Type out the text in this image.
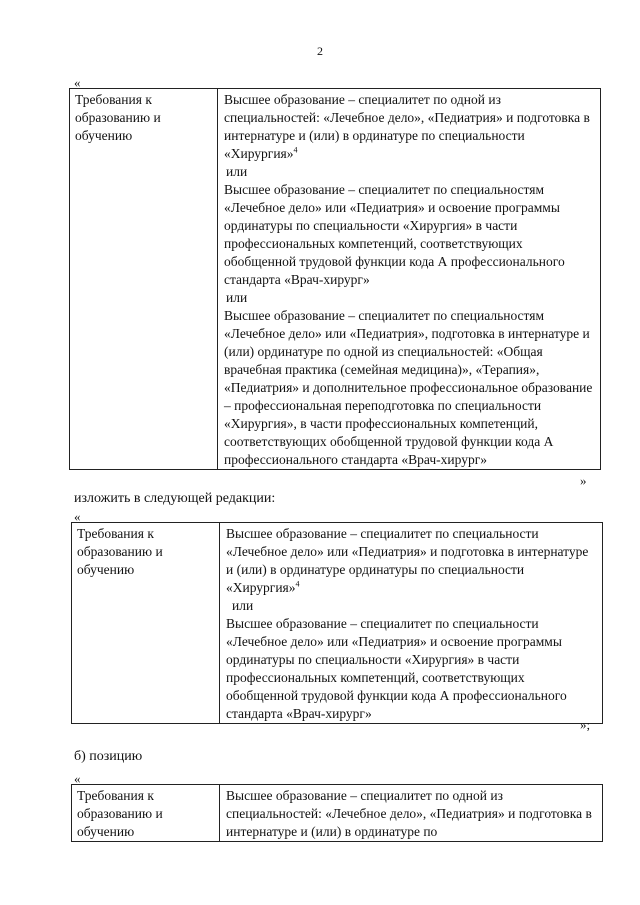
2
«
Требования к образованию и обучению
	Высшее образование – специалитет по одной из специальностей: «Лечебное дело», «Педиатрия» и подготовка в интернатуре и (или) в ординатуре по специальности «Хирургия»$^4$
или
Высшее образование – специалитет по специальностям «Лечебное дело» или «Педиатрия» и освоение программы ординатуры по специальности «Хирургия» в части профессиональных компетенций, соответствующих обобщенной трудовой функции кода А профессионального стандарта «Врач-хирург»
или
Высшее образование – специалитет по специальностям «Лечебное дело» или «Педиатрия», подготовка в интернатуре и (или) ординатуре по одной из специальностей: «Общая врачебная практика (семейная медицина)», «Терапия», «Педиатрия» и дополнительное профессиональное образование – профессиональная переподготовка по специальности «Хирургия», в части профессиональных компетенций, соответствующих обобщенной трудовой функции кода А профессионального стандарта «Врач-хирург»
»
изложить в следующей редакции:
«
Требования к образованию и обучению
	Высшее образование – специалитет по специальности «Лечебное дело» или «Педиатрия» и подготовка в интернатуре и (или) в ординатуре ординатуры по специальности «Хирургия»$^4$
или
Высшее образование – специалитет по специальности «Лечебное дело» или «Педиатрия» и освоение программы ординатуры по специальности «Хирургия» в части профессиональных компетенций, соответствующих обобщенной трудовой функции кода А профессионального стандарта «Врач-хирург»
»;
б) позицию
«
Требования к образованию и обучению

Высшее образование – специалитет по одной из специальностей: «Лечебное дело», «Педиатрия» и подготовка в интернатуре и (или) в ординатуре по
